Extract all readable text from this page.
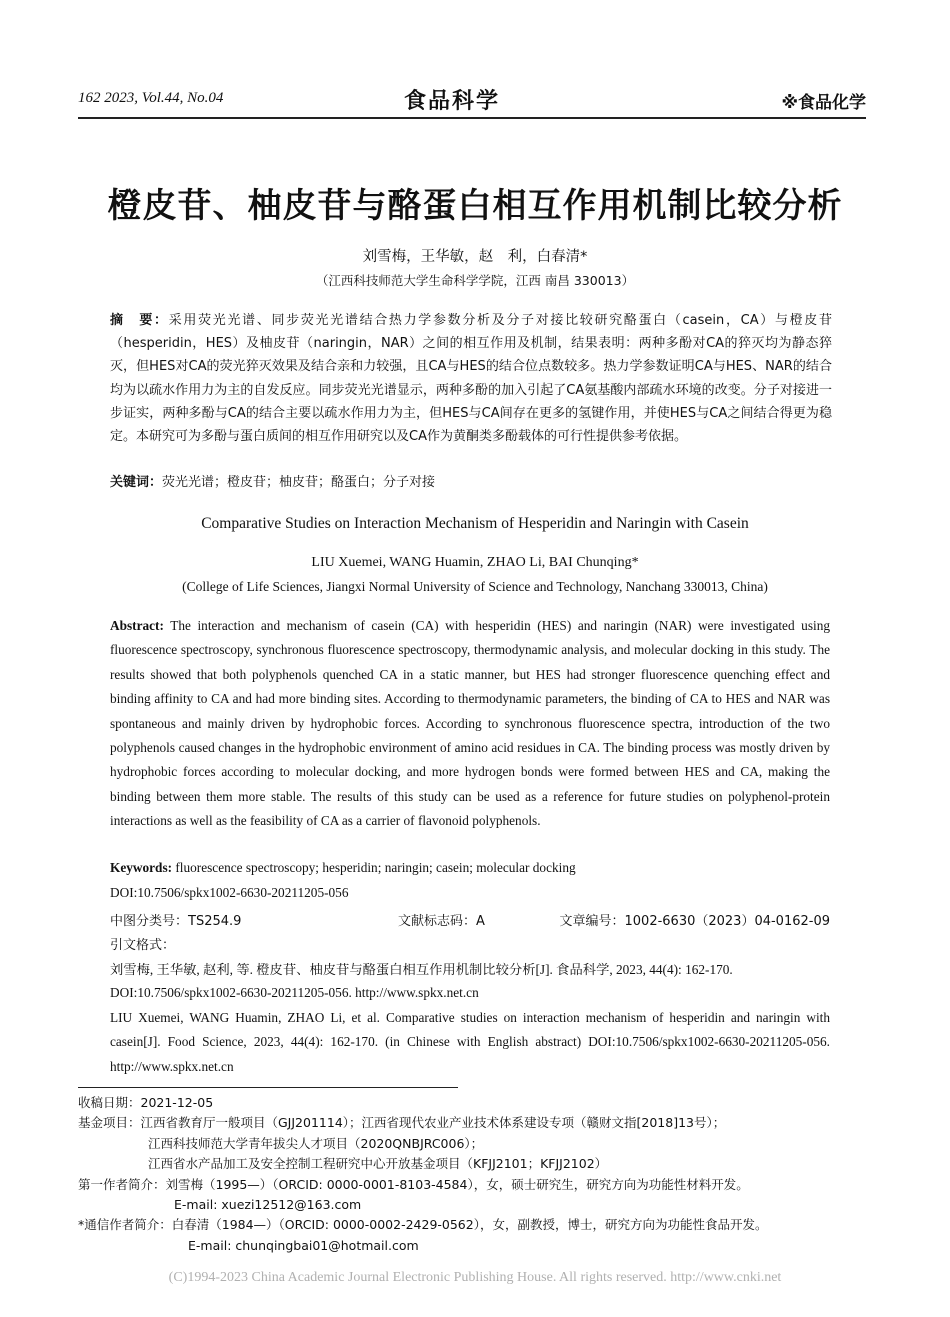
162 2023, Vol.44, No.04	食品科学	※食品化学
橙皮苷、柚皮苷与酪蛋白相互作用机制比较分析
刘雪梅，王华敏，赵　利，白春清*
（江西科技师范大学生命科学学院，江西 南昌 330013）
摘　要：采用荧光光谱、同步荧光光谱结合热力学参数分析及分子对接比较研究酪蛋白（casein，CA）与橙皮苷（hesperidin，HES）及柚皮苷（naringin，NAR）之间的相互作用及机制，结果表明：两种多酚对CA的猝灭均为静态猝灭，但HES对CA的荧光猝灭效果及结合亲和力较强，且CA与HES的结合位点数较多。热力学参数证明CA与HES、NAR的结合均为以疏水作用力为主的自发反应。同步荧光光谱显示，两种多酚的加入引起了CA氨基酸内部疏水环境的改变。分子对接进一步证实，两种多酚与CA的结合主要以疏水作用力为主，但HES与CA间存在更多的氢键作用，并使HES与CA之间结合得更为稳定。本研究可为多酚与蛋白质间的相互作用研究以及CA作为黄酮类多酚载体的可行性提供参考依据。
关键词：荧光光谱；橙皮苷；柚皮苷；酪蛋白；分子对接
Comparative Studies on Interaction Mechanism of Hesperidin and Naringin with Casein
LIU Xuemei, WANG Huamin, ZHAO Li, BAI Chunqing*
(College of Life Sciences, Jiangxi Normal University of Science and Technology, Nanchang 330013, China)
Abstract: The interaction and mechanism of casein (CA) with hesperidin (HES) and naringin (NAR) were investigated using fluorescence spectroscopy, synchronous fluorescence spectroscopy, thermodynamic analysis, and molecular docking in this study. The results showed that both polyphenols quenched CA in a static manner, but HES had stronger fluorescence quenching effect and binding affinity to CA and had more binding sites. According to thermodynamic parameters, the binding of CA to HES and NAR was spontaneous and mainly driven by hydrophobic forces. According to synchronous fluorescence spectra, introduction of the two polyphenols caused changes in the hydrophobic environment of amino acid residues in CA. The binding process was mostly driven by hydrophobic forces according to molecular docking, and more hydrogen bonds were formed between HES and CA, making the binding between them more stable. The results of this study can be used as a reference for future studies on polyphenol-protein interactions as well as the feasibility of CA as a carrier of flavonoid polyphenols.
Keywords: fluorescence spectroscopy; hesperidin; naringin; casein; molecular docking
DOI:10.7506/spkx1002-6630-20211205-056
中图分类号：TS254.9	文献标志码：A	文章编号：1002-6630（2023）04-0162-09
引文格式：
刘雪梅, 王华敏, 赵利, 等. 橙皮苷、柚皮苷与酪蛋白相互作用机制比较分析[J]. 食品科学, 2023, 44(4): 162-170. DOI:10.7506/spkx1002-6630-20211205-056. http://www.spkx.net.cn
LIU Xuemei, WANG Huamin, ZHAO Li, et al. Comparative studies on interaction mechanism of hesperidin and naringin with casein[J]. Food Science, 2023, 44(4): 162-170. (in Chinese with English abstract) DOI:10.7506/spkx1002-6630-20211205-056. http://www.spkx.net.cn
收稿日期：2021-12-05
基金项目：江西省教育厅一般项目（GJJ201114）；江西省现代农业产业技术体系建设专项（赣财文指[2018]13号）；
江西科技师范大学青年拔尖人才项目（2020QNBJRC006）；
江西省水产品加工及安全控制工程研究中心开放基金项目（KFJJ2101；KFJJ2102）
第一作者简介：刘雪梅（1995—）（ORCID: 0000-0001-8103-4584），女，硕士研究生，研究方向为功能性材料开发。
E-mail: xuezi12512@163.com
*通信作者简介：白春清（1984—）（ORCID: 0000-0002-2429-0562），女，副教授，博士，研究方向为功能性食品开发。
E-mail: chunqingbai01@hotmail.com
(C)1994-2023 China Academic Journal Electronic Publishing House. All rights reserved. http://www.cnki.net
